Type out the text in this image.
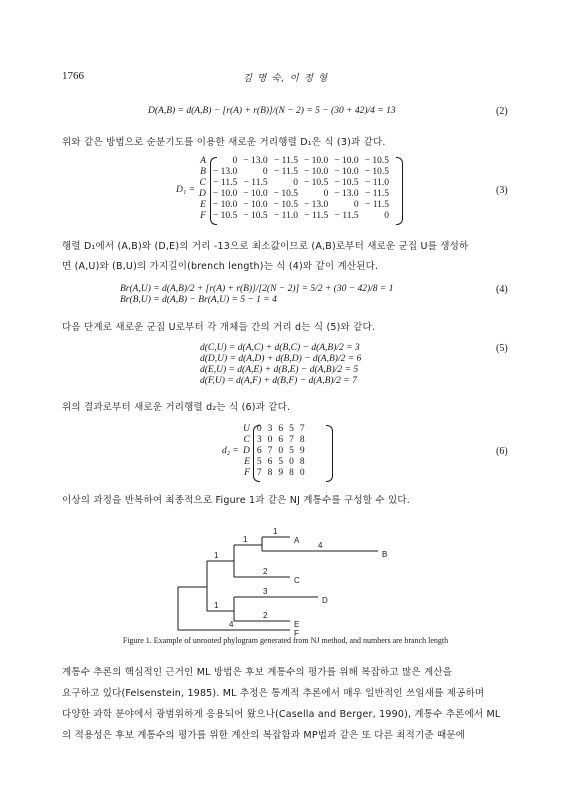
1766	김 명 숙, 이 정 형
D(A,B) = d(A,B) − [r(A) + r(B)]/(N − 2) = 5 − (30 + 42)/4 = 13	(2)
위와 같은 방법으로 순분기도를 이용한 새로운 거리행렬 D₁은 식 (3)과 같다.
D₁ =
A	0	− 13.0	− 11.5	− 10.0	− 10.0	− 10.5
B	− 13.0	0	− 11.5	− 10.0	− 10.0	− 10.5
C	− 11.5	− 11.5	0	− 10.5	− 10.5	− 11.0
D	− 10.0	− 10.0	− 10.5	0	− 13.0	− 11.5
E	− 10.0	− 10.0	− 10.5	− 13.0	0	− 11.5
F	− 10.5	− 10.5	− 11.0	− 11.5	− 11.5	0
(3)
행렬 D₁에서 (A,B)와 (D,E)의 거리 -13으로 최소값이므로 (A,B)로부터 새로운 군집 U를 생성하
면 (A,U)와 (B,U)의 가지길이(brench length)는 식 (4)와 같이 계산된다.
Br(A,U) = d(A,B)/2 + [r(A) + r(B)]/[2(N − 2)] = 5/2 + (30 − 42)/8 = 1
Br(B,U) = d(A,B) − Br(A,U) = 5 − 1 = 4
(4)
다음 단계로 새로운 군집 U로부터 각 개체들 간의 거리 d는 식 (5)와 같다.
d(C,U) = d(A,C) + d(B,C) − d(A,B)/2 = 3
d(D,U) = d(A,D) + d(B,D) − d(A,B)/2 = 6
d(E,U) = d(A,E) + d(B,E) − d(A,B)/2 = 5
d(F,U) = d(A,F) + d(B,F) − d(A,B)/2 = 7
(5)
위의 결과로부터 새로운 거리행렬 d₂는 식 (6)과 같다.
d₂ =
U	0	3	6	5	7
C	3	0	6	7	8
D	6	7	0	5	9
E	5	6	5	0	8
F	7	8	9	8	0
(6)
이상의 과정을 반복하여 최종적으로 Figure 1과 같은 NJ 계통수를 구성할 수 있다.
A
B
C
D
E
F
1
4
1
2
1
3
2
1
4
Figure 1. Example of unrooted phylogram generated from NJ method, and numbers are branch length
계통수 추론의 핵심적인 근거인 ML 방법은 후보 계통수의 평가를 위해 복잡하고 많은 계산을
요구하고 있다(Felsenstein, 1985). ML 추정은 통계적 추론에서 매우 일반적인 쓰임새를 제공하며
다양한 과학 분야에서 광범위하게 응용되어 왔으나(Casella and Berger, 1990), 계통수 추론에서 ML
의 적용성은 후보 계통수의 평가를 위한 계산의 복잡함과 MP법과 같은 또 다른 최적기준 때문에
